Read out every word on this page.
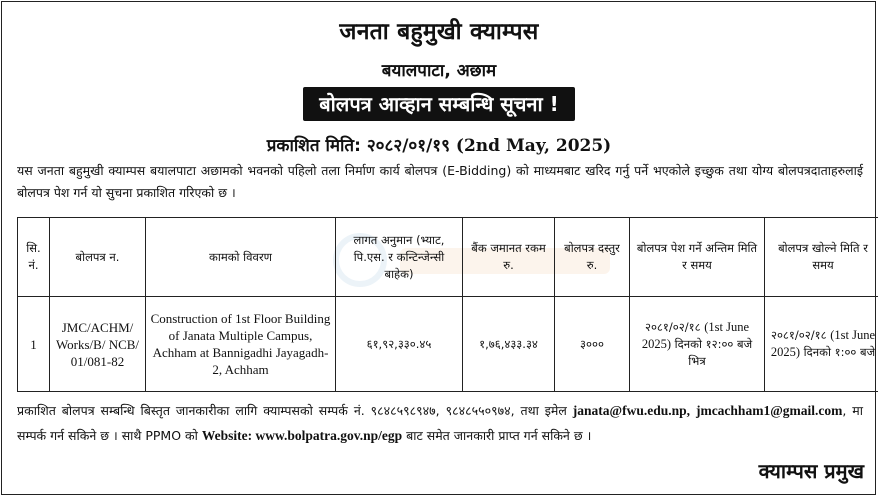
जनता बहुमुखी क्याम्पस
बयालपाटा, अछाम
बोलपत्र आव्हान सम्बन्धि सूचना !
प्रकाशित मिति: २०८२/०१/१९ (2nd May, 2025)
यस जनता बहुमुखी क्याम्पस बयालपाटा अछामको भवनको पहिलो तला निर्माण कार्य बोलपत्र (E-Bidding) को माध्यमबाट खरिद गर्नु पर्ने भएकोले इच्छुक तथा योग्य बोलपत्रदाताहरुलाई बोलपत्र पेश गर्न यो सुचना प्रकाशित गरिएको छ ।
सि. नं.	बोलपत्र न.	कामको विवरण	लागत अनुमान (भ्याट, पि.एस. र कन्टिन्जेन्सी बाहेक)	बैंक जमानत रकम रु.	बोलपत्र दस्तुर रु.	बोलपत्र पेश गर्ने अन्तिम मिति र समय	बोलपत्र खोल्ने मिति र समय
1	JMC/ACHM/ Works/B/ NCB/ 01/081-82	Construction of 1st Floor Building of Janata Multiple Campus, Achham at Bannigadhi Jayagadh-2, Achham	६१,९२,३३०.४५	१,७६,४३३.३४	३०००	२०८१/०२/१८ (1st June 2025) दिनको १२:०० बजे भित्र	२०८१/०२/१८ (1st June 2025) दिनको १:०० बजे
प्रकाशित बोलपत्र सम्बन्धि बिस्तृत जानकारीका लागि क्याम्पसको सम्पर्क नं. ९८४८५९८९४७, ९८४८५५०९७४, तथा इमेल janata@fwu.edu.np, jmcachham1@gmail.com, मा सम्पर्क गर्न सकिने छ । साथै PPMO को Website: www.bolpatra.gov.np/egp बाट समेत जानकारी प्राप्त गर्न सकिने छ ।
क्याम्पस प्रमुख
